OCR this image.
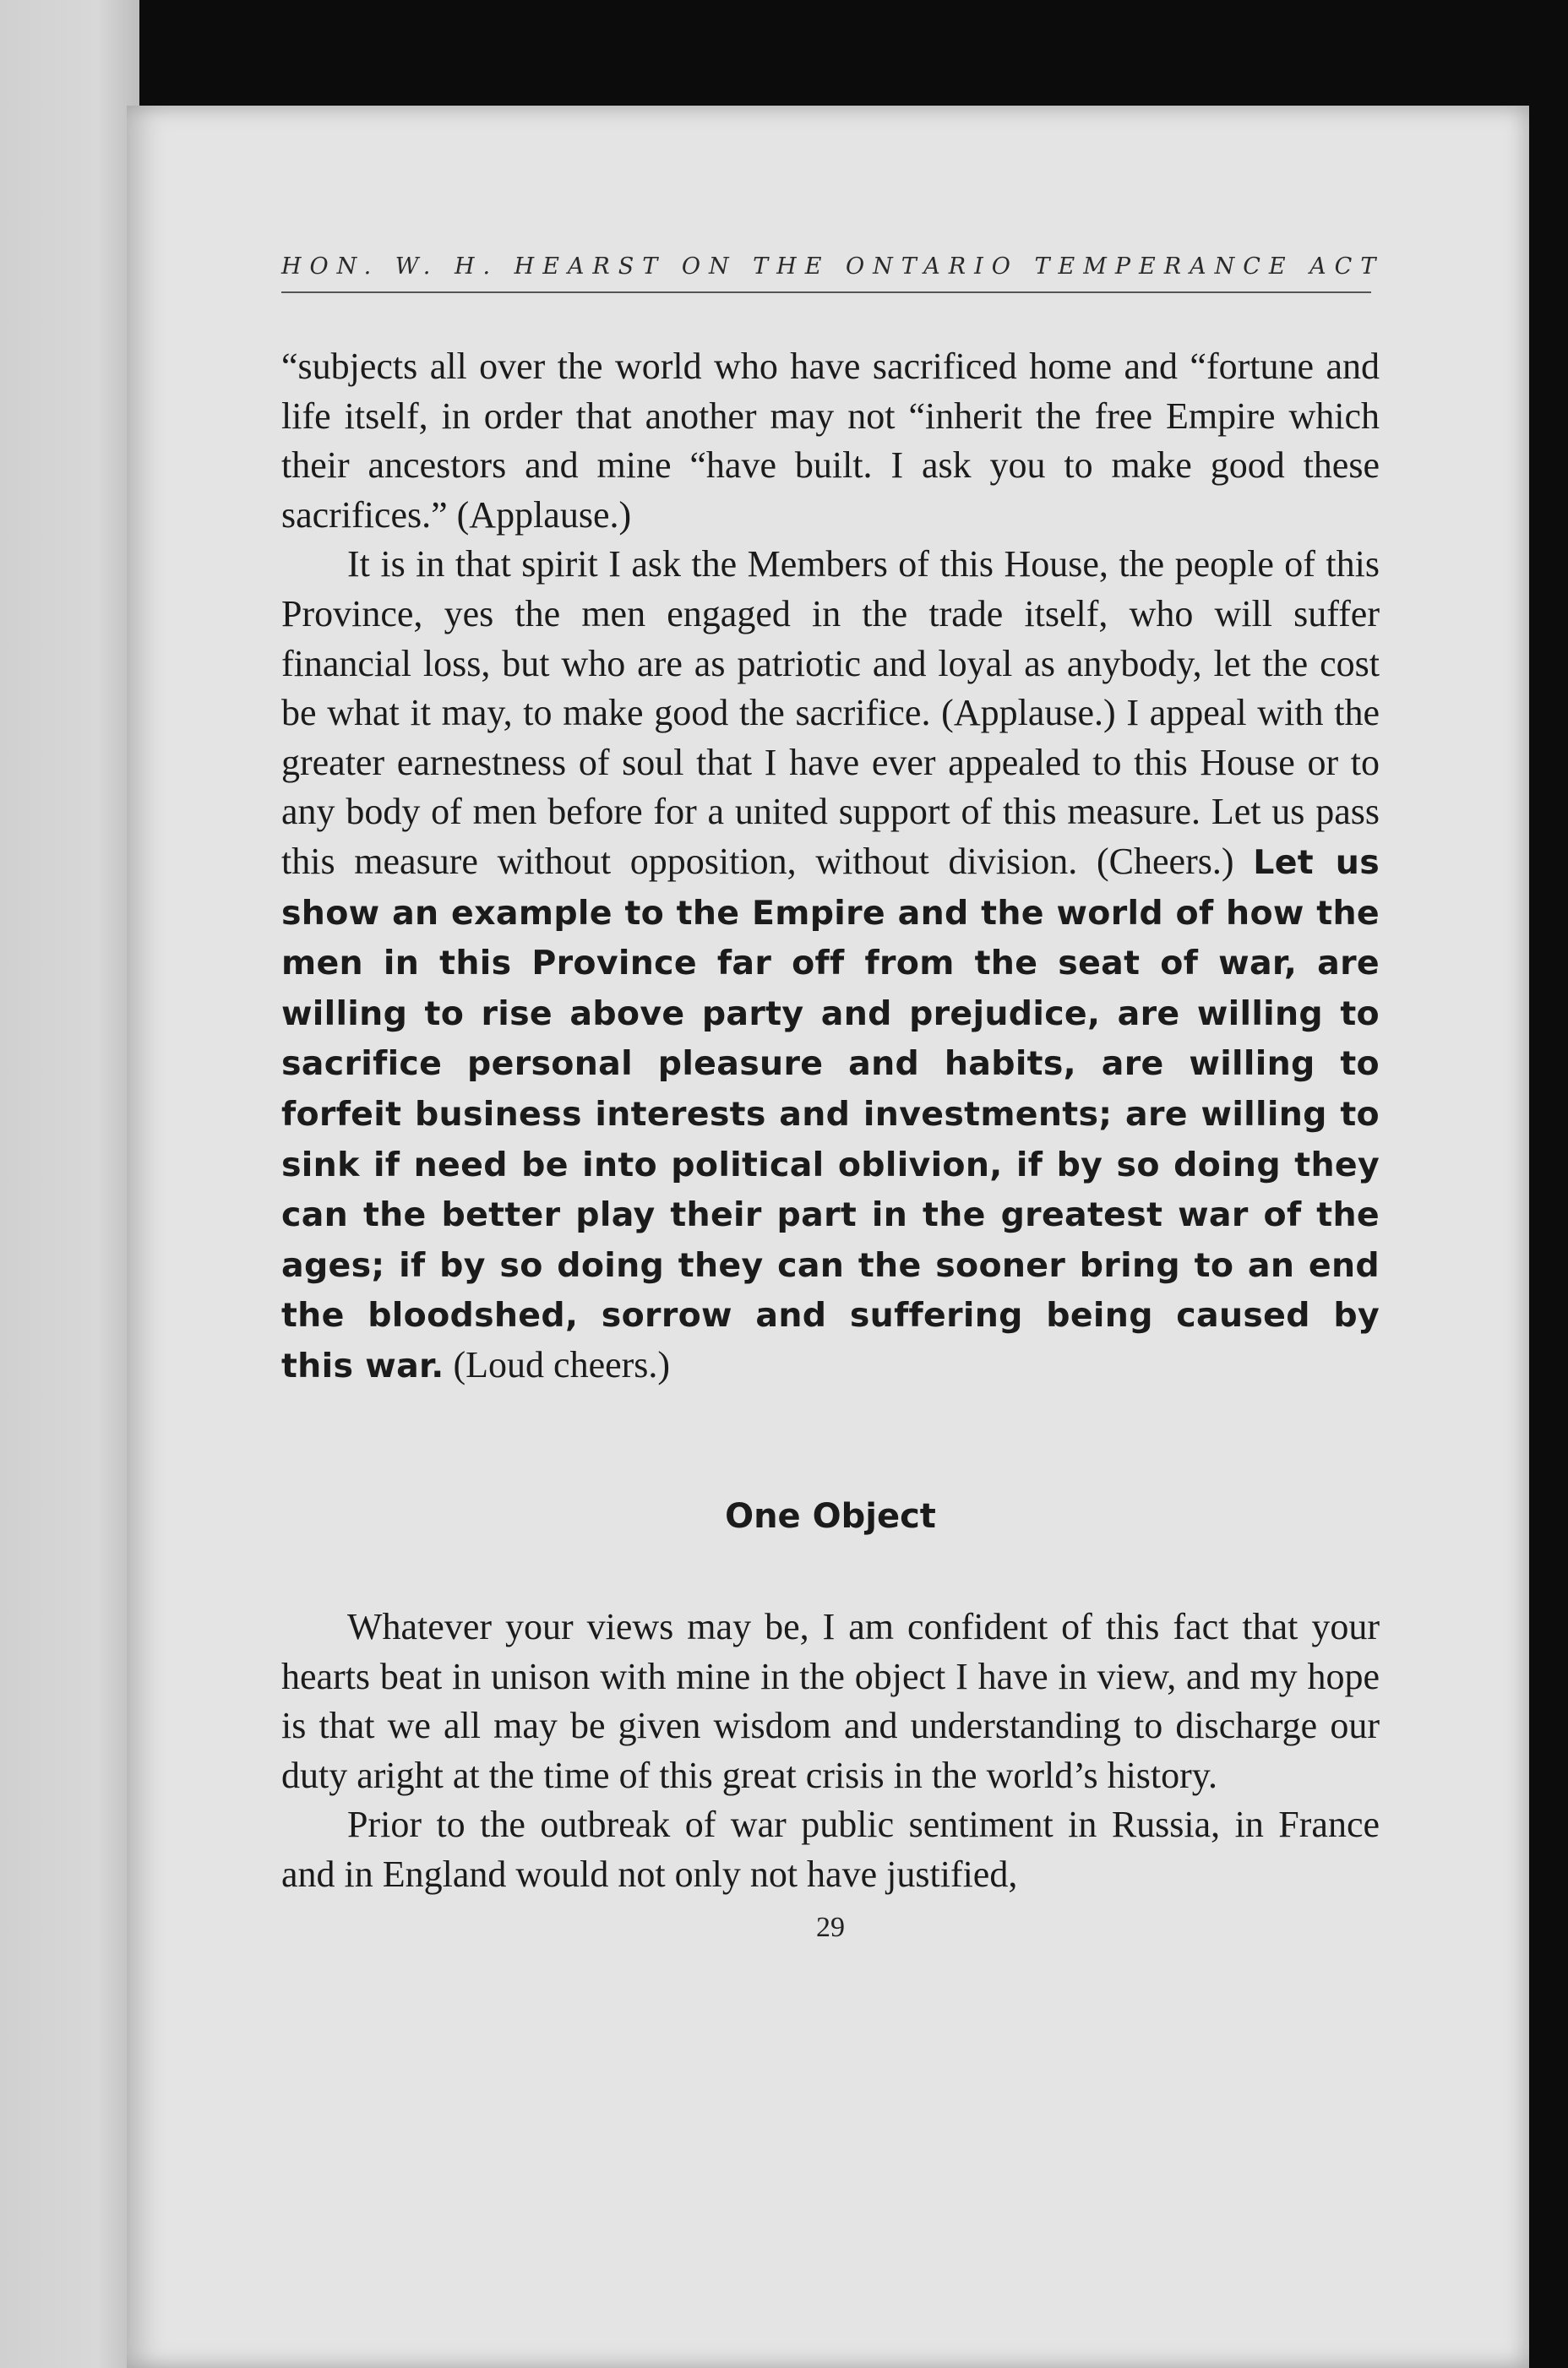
HON. W. H. HEARST ON THE ONTARIO TEMPERANCE ACT

“subjects all over the world who have sacrificed home and “fortune and life itself, in order that another may not “inherit the free Empire which their ancestors and mine “have built. I ask you to make good these sacrifices.” (Applause.)

It is in that spirit I ask the Members of this House, the people of this Province, yes the men engaged in the trade itself, who will suffer financial loss, but who are as patriotic and loyal as anybody, let the cost be what it may, to make good the sacrifice. (Applause.) I appeal with the greater earnestness of soul that I have ever appealed to this House or to any body of men before for a united support of this measure. Let us pass this measure without opposition, without division. (Cheers.) Let us show an example to the Empire and the world of how the men in this Province far off from the seat of war, are willing to rise above party and prejudice, are willing to sacrifice personal pleasure and habits, are willing to forfeit business interests and investments; are willing to sink if need be into political oblivion, if by so doing they can the better play their part in the greatest war of the ages; if by so doing they can the sooner bring to an end the bloodshed, sorrow and suffering being caused by this war. (Loud cheers.)

One Object

Whatever your views may be, I am confident of this fact that your hearts beat in unison with mine in the object I have in view, and my hope is that we all may be given wisdom and understanding to discharge our duty aright at the time of this great crisis in the world’s history.

Prior to the outbreak of war public sentiment in Russia, in France and in England would not only not have justified,

29
